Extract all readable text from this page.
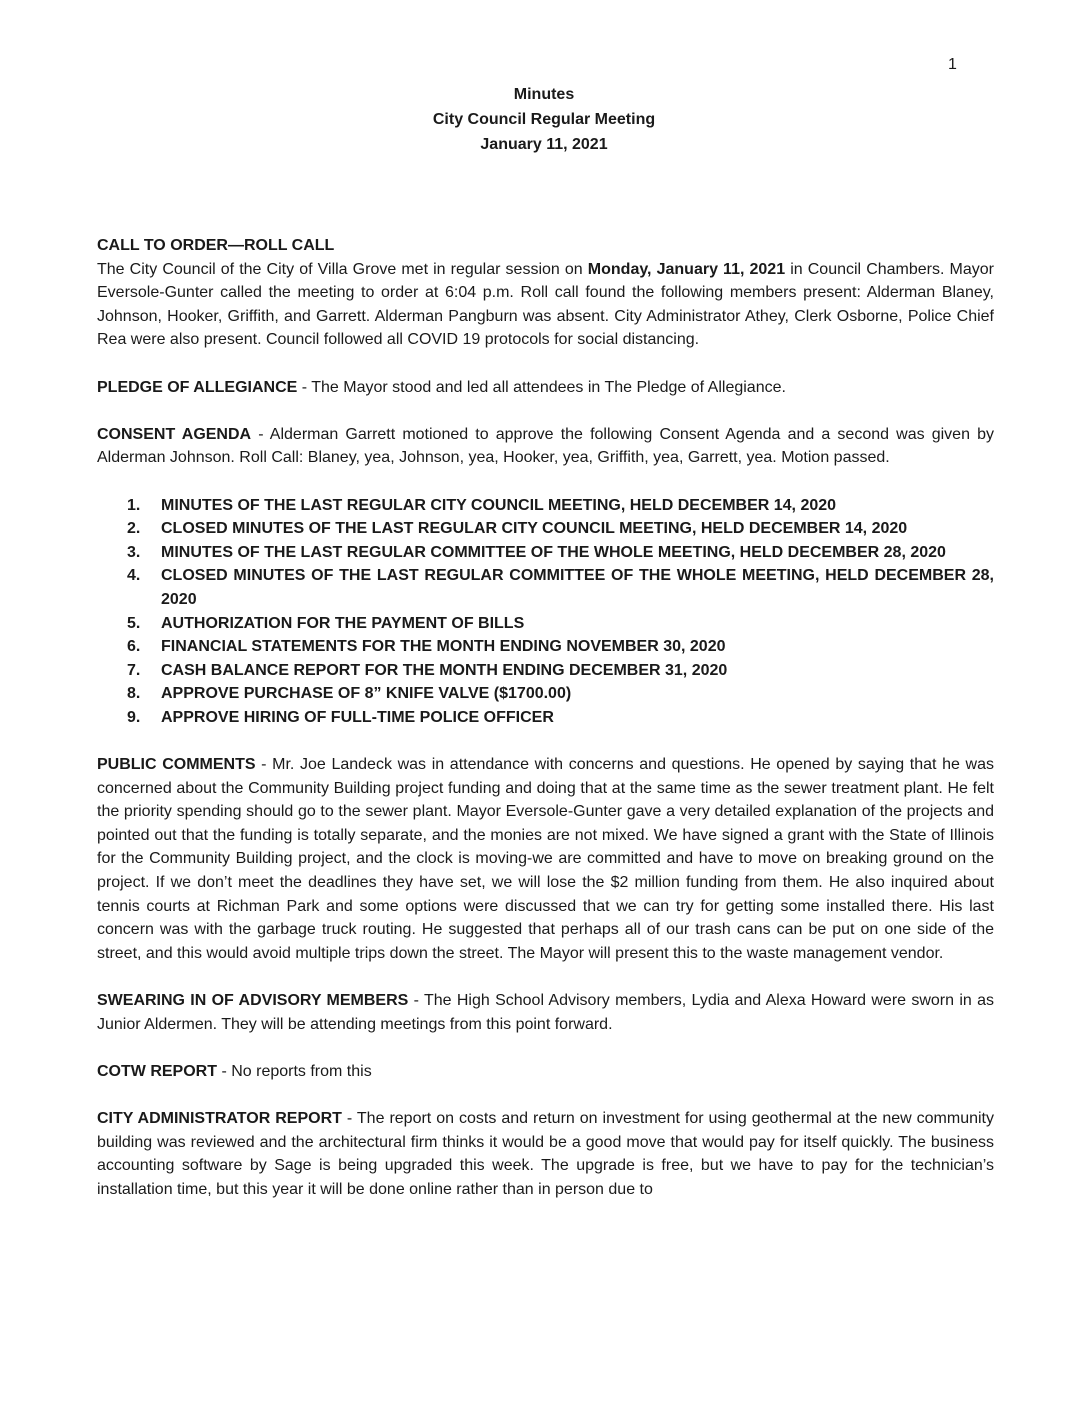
1
Minutes
City Council Regular Meeting
January 11, 2021

CALL TO ORDER—ROLL CALL

The City Council of the City of Villa Grove met in regular session on Monday, January 11, 2021 in Council Chambers. Mayor Eversole-Gunter called the meeting to order at 6:04 p.m. Roll call found the following members present: Alderman Blaney, Johnson, Hooker, Griffith, and Garrett. Alderman Pangburn was absent. City Administrator Athey, Clerk Osborne, Police Chief Rea were also present. Council followed all COVID 19 protocols for social distancing.

PLEDGE OF ALLEGIANCE - The Mayor stood and led all attendees in The Pledge of Allegiance.

CONSENT AGENDA - Alderman Garrett motioned to approve the following Consent Agenda and a second was given by Alderman Johnson. Roll Call: Blaney, yea, Johnson, yea, Hooker, yea, Griffith, yea, Garrett, yea. Motion passed.

1.	MINUTES OF THE LAST REGULAR CITY COUNCIL MEETING, HELD DECEMBER 14, 2020
2.	CLOSED MINUTES OF THE LAST REGULAR CITY COUNCIL MEETING, HELD DECEMBER 14, 2020
3.	MINUTES OF THE LAST REGULAR COMMITTEE OF THE WHOLE MEETING, HELD DECEMBER 28, 2020
4.	CLOSED MINUTES OF THE LAST REGULAR COMMITTEE OF THE WHOLE MEETING, HELD DECEMBER 28, 2020
5.	AUTHORIZATION FOR THE PAYMENT OF BILLS
6.	FINANCIAL STATEMENTS FOR THE MONTH ENDING NOVEMBER 30, 2020
7.	CASH BALANCE REPORT FOR THE MONTH ENDING DECEMBER 31, 2020
8.	APPROVE PURCHASE OF 8” KNIFE VALVE ($1700.00)
9.	APPROVE HIRING OF FULL-TIME POLICE OFFICER

PUBLIC COMMENTS - Mr. Joe Landeck was in attendance with concerns and questions. He opened by saying that he was concerned about the Community Building project funding and doing that at the same time as the sewer treatment plant. He felt the priority spending should go to the sewer plant. Mayor Eversole-Gunter gave a very detailed explanation of the projects and pointed out that the funding is totally separate, and the monies are not mixed. We have signed a grant with the State of Illinois for the Community Building project, and the clock is moving-we are committed and have to move on breaking ground on the project. If we don’t meet the deadlines they have set, we will lose the $2 million funding from them. He also inquired about tennis courts at Richman Park and some options were discussed that we can try for getting some installed there. His last concern was with the garbage truck routing. He suggested that perhaps all of our trash cans can be put on one side of the street, and this would avoid multiple trips down the street. The Mayor will present this to the waste management vendor.

SWEARING IN OF ADVISORY MEMBERS - The High School Advisory members, Lydia and Alexa Howard were sworn in as Junior Aldermen. They will be attending meetings from this point forward.

COTW REPORT - No reports from this

CITY ADMINISTRATOR REPORT - The report on costs and return on investment for using geothermal at the new community building was reviewed and the architectural firm thinks it would be a good move that would pay for itself quickly. The business accounting software by Sage is being upgraded this week. The upgrade is free, but we have to pay for the technician’s installation time, but this year it will be done online rather than in person due to
